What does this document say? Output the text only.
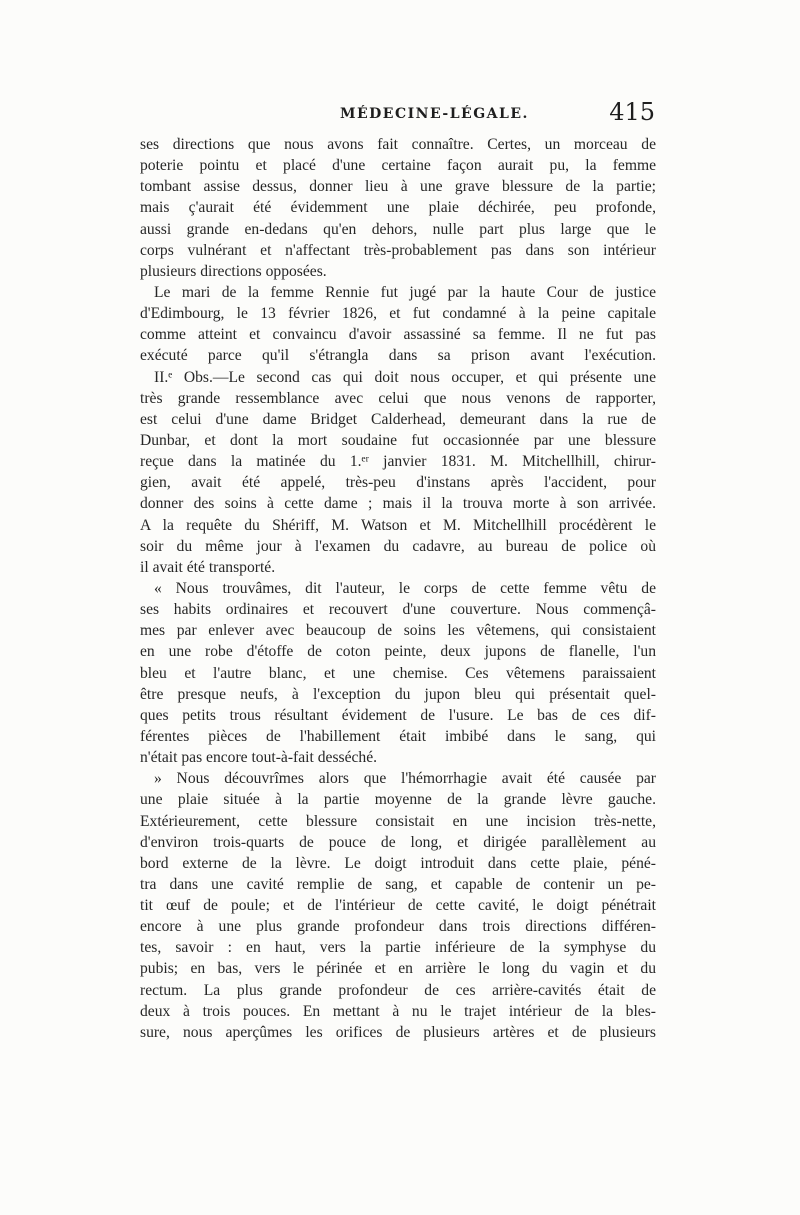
MÉDECINE-LÉGALE.	415
ses directions que nous avons fait connaître. Certes, un morceau de
poterie pointu et placé d'une certaine façon aurait pu, la femme
tombant assise dessus, donner lieu à une grave blessure de la partie;
mais ç'aurait été évidemment une plaie déchirée, peu profonde,
aussi grande en-dedans qu'en dehors, nulle part plus large que le
corps vulnérant et n'affectant très-probablement pas dans son intérieur
plusieurs directions opposées.
Le mari de la femme Rennie fut jugé par la haute Cour de justice
d'Edimbourg, le 13 février 1826, et fut condamné à la peine capitale
comme atteint et convaincu d'avoir assassiné sa femme. Il ne fut pas
exécuté parce qu'il s'étrangla dans sa prison avant l'exécution.
II.ᵉ Obs.—Le second cas qui doit nous occuper, et qui présente une
très grande ressemblance avec celui que nous venons de rapporter,
est celui d'une dame Bridget Calderhead, demeurant dans la rue de
Dunbar, et dont la mort soudaine fut occasionnée par une blessure
reçue dans la matinée du 1.ᵉʳ janvier 1831. M. Mitchellhill, chirur-
gien, avait été appelé, très-peu d'instans après l'accident, pour
donner des soins à cette dame ; mais il la trouva morte à son arrivée.
A la requête du Shériff, M. Watson et M. Mitchellhill procédèrent le
soir du même jour à l'examen du cadavre, au bureau de police où
il avait été transporté.
« Nous trouvâmes, dit l'auteur, le corps de cette femme vêtu de
ses habits ordinaires et recouvert d'une couverture. Nous commençâ-
mes par enlever avec beaucoup de soins les vêtemens, qui consistaient
en une robe d'étoffe de coton peinte, deux jupons de flanelle, l'un
bleu et l'autre blanc, et une chemise. Ces vêtemens paraissaient
être presque neufs, à l'exception du jupon bleu qui présentait quel-
ques petits trous résultant évidement de l'usure. Le bas de ces dif-
férentes pièces de l'habillement était imbibé dans le sang, qui
n'était pas encore tout-à-fait desséché.
» Nous découvrîmes alors que l'hémorrhagie avait été causée par
une plaie située à la partie moyenne de la grande lèvre gauche.
Extérieurement, cette blessure consistait en une incision très-nette,
d'environ trois-quarts de pouce de long, et dirigée parallèlement au
bord externe de la lèvre. Le doigt introduit dans cette plaie, péné-
tra dans une cavité remplie de sang, et capable de contenir un pe-
tit œuf de poule; et de l'intérieur de cette cavité, le doigt pénétrait
encore à une plus grande profondeur dans trois directions différen-
tes, savoir : en haut, vers la partie inférieure de la symphyse du
pubis; en bas, vers le périnée et en arrière le long du vagin et du
rectum. La plus grande profondeur de ces arrière-cavités était de
deux à trois pouces. En mettant à nu le trajet intérieur de la bles-
sure, nous aperçûmes les orifices de plusieurs artères et de plusieurs
